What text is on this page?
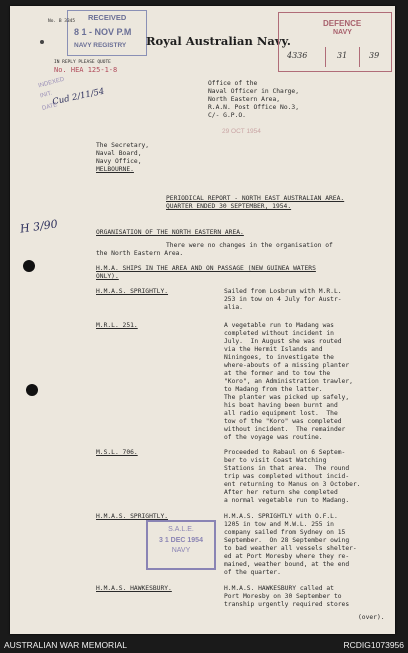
RECEIVED
8 1 - NOV P.M
NAVY REGISTRY
No. B 3345
Royal Australian Navy.
DEFENCE
NAVY
4336	31	39
IN REPLY PLEASE QUOTE
No. HEA 125-1-8
INDEXED
INIT.
DATE
Cud 2/11/54
Office of the
Naval Officer in Charge,
North Eastern Area,
R.A.N. Post Office No.3,
C/- G.P.O.
29 OCT 1954
The Secretary,
Naval Board,
Navy Office,
MELBOURNE.
PERIODICAL REPORT - NORTH EAST AUSTRALIAN AREA.
QUARTER ENDED 30 SEPTEMBER, 1954.
H 3/90	ORGANISATION OF THE NORTH EASTERN AREA.
There were no changes in the organisation of
the North Eastern Area.
H.M.A. SHIPS IN THE AREA AND ON PASSAGE (NEW GUINEA WATERS
ONLY).
H.M.A.S. SPRIGHTLY.	Sailed from Losbrum with M.R.L.
253 in tow on 4 July for Austr-
alia.
M.R.L. 251.	A vegetable run to Madang was
completed without incident in
July.  In August she was routed
via the Hermit Islands and
Niningoes, to investigate the
where-abouts of a missing planter
at the former and to tow the
"Koro", an Administration trawler,
to Madang from the latter.
The planter was picked up safely,
his boat having been burnt and
all radio equipment lost.  The
tow of the "Koro" was completed
without incident.  The remainder
of the voyage was routine.
M.S.L. 706.	Proceeded to Rabaul on 6 Septem-
ber to visit Coast Watching
Stations in that area.  The round
trip was completed without incid-
ent returning to Manus on 3 October.
After her return she completed
a normal vegetable run to Madang.
H.M.A.S. SPRIGHTLY.	H.M.A.S. SPRIGHTLY with O.F.L.
1205 in tow and M.W.L. 255 in
company sailed from Sydney on 15
September.  On 28 September owing
to bad weather all vessels shelter-
ed at Port Moresby where they re-
mained, weather bound, at the end
of the quarter.
S.A.L.E.
3 1 DEC 1954
NAVY
H.M.A.S. HAWKESBURY.	H.M.A.S. HAWKESBURY called at
Port Moresby on 30 September to
tranship urgently required stores
(over).
AUSTRALIAN WAR MEMORIAL	RCDIG1073956
